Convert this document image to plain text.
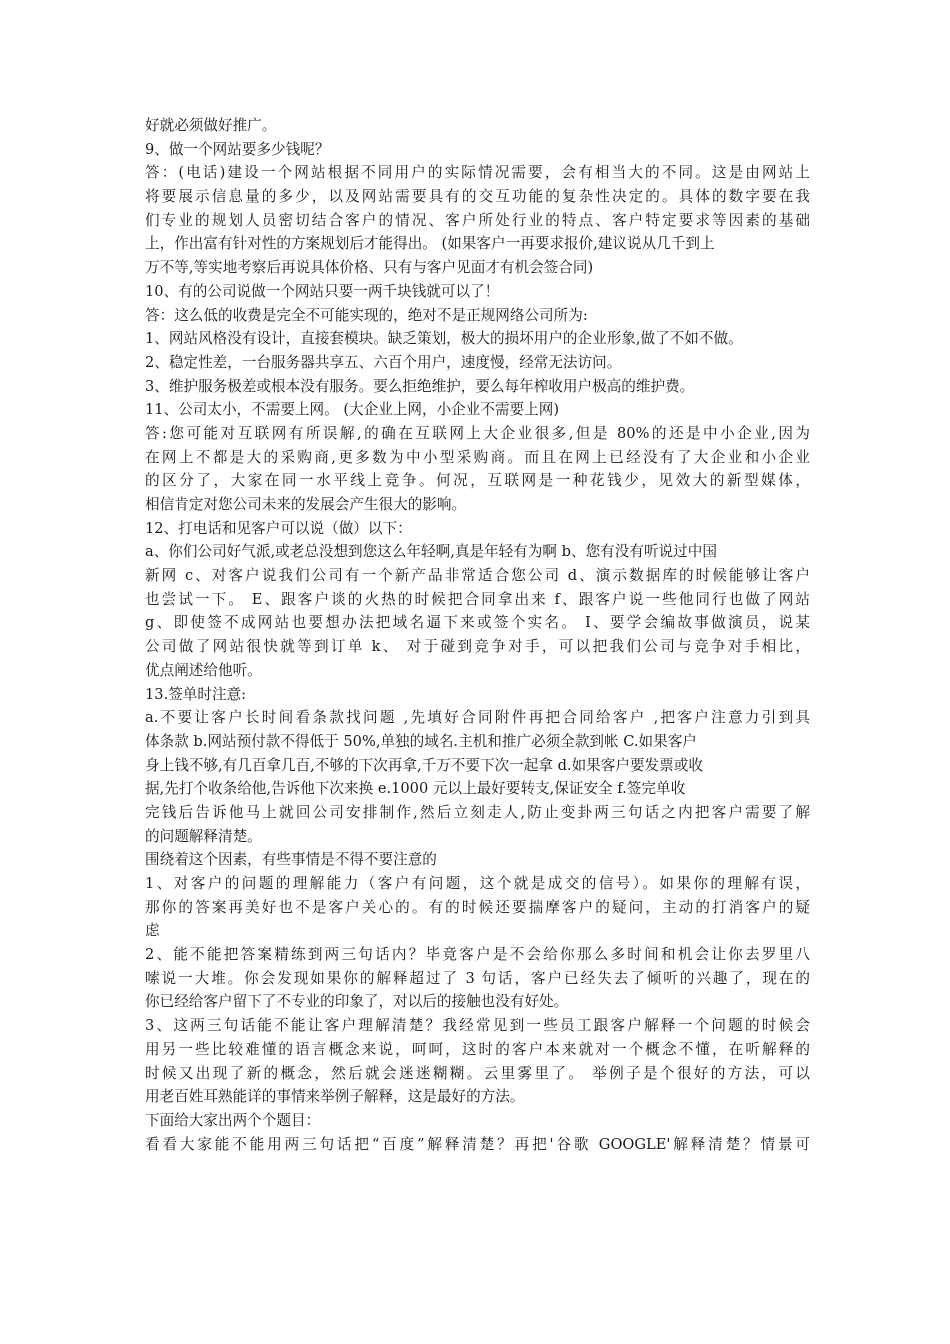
好就必须做好推广。
9、做一个网站要多少钱呢？
答：(电话)建设一个网站根据不同用户的实际情况需要，会有相当大的不同。这是由网站上
将要展示信息量的多少，以及网站需要具有的交互功能的复杂性决定的。具体的数字要在我
们专业的规划人员密切结合客户的情况、客户所处行业的特点、客户特定要求等因素的基础
上，作出富有针对性的方案规划后才能得出。 (如果客户一再要求报价,建议说从几千到上
万不等,等实地考察后再说具体价格、只有与客户见面才有机会签合同)
10、有的公司说做一个网站只要一两千块钱就可以了！
答：这么低的收费是完全不可能实现的，绝对不是正规网络公司所为:
1、网站风格没有设计，直接套模块。缺乏策划，极大的损坏用户的企业形象,做了不如不做。
2、稳定性差，一台服务器共享五、六百个用户，速度慢，经常无法访问。
3、维护服务极差或根本没有服务。要么拒绝维护，要么每年榨收用户极高的维护费。
11、公司太小，不需要上网。 (大企业上网，小企业不需要上网)
答:您可能对互联网有所误解,的确在互联网上大企业很多,但是 80%的还是中小企业,因为
在网上不都是大的采购商,更多数为中小型采购商。而且在网上已经没有了大企业和小企业
的区分了，大家在同一水平线上竞争。何况，互联网是一种花钱少，见效大的新型媒体，
相信肯定对您公司未来的发展会产生很大的影响。
12、打电话和见客户可以说（做）以下：
a、你们公司好气派,或老总没想到您这么年轻啊,真是年轻有为啊 b、您有没有听说过中国
新网 c、对客户说我们公司有一个新产品非常适合您公司 d、演示数据库的时候能够让客户
也尝试一下。 E、跟客户谈的火热的时候把合同拿出来 f、跟客户说一些他同行也做了网站
g、即使签不成网站也要想办法把域名逼下来或签个实名。 I、要学会编故事做演员，说某
公司做了网站很快就等到订单 k、 对于碰到竞争对手，可以把我们公司与竞争对手相比，
优点阐述给他听。
13.签单时注意:
a.不要让客户长时间看条款找问题 ,先填好合同附件再把合同给客户 ,把客户注意力引到具
体条款 b.网站预付款不得低于 50%,单独的域名.主机和推广必须全款到帐 C.如果客户
身上钱不够,有几百拿几百,不够的下次再拿,千万不要下次一起拿 d.如果客户要发票或收
据,先打个收条给他,告诉他下次来换 e.1000 元以上最好要转支,保证安全 f.签完单收
完钱后告诉他马上就回公司安排制作,然后立刻走人,防止变卦两三句话之内把客户需要了解
的问题解释清楚。
围绕着这个因素，有些事情是不得不要注意的
1、对客户的问题的理解能力（客户有问题，这个就是成交的信号）。如果你的理解有误，
那你的答案再美好也不是客户关心的。有的时候还要揣摩客户的疑问，主动的打消客户的疑
虑
2、能不能把答案精练到两三句话内？毕竟客户是不会给你那么多时间和机会让你去罗里八
嗦说一大堆。你会发现如果你的解释超过了 3 句话，客户已经失去了倾听的兴趣了，现在的
你已经给客户留下了不专业的印象了，对以后的接触也没有好处。
3、这两三句话能不能让客户理解清楚？我经常见到一些员工跟客户解释一个问题的时候会
用另一些比较难懂的语言概念来说，呵呵，这时的客户本来就对一个概念不懂，在听解释的
时候又出现了新的概念，然后就会迷迷糊糊。云里雾里了。 举例子是个很好的方法，可以
用老百姓耳熟能详的事情来举例子解释，这是最好的方法。
下面给大家出两个个题目：
看看大家能不能用两三句话把“百度”解释清楚？再把'谷歌 GOOGLE'解释清楚？情景可
